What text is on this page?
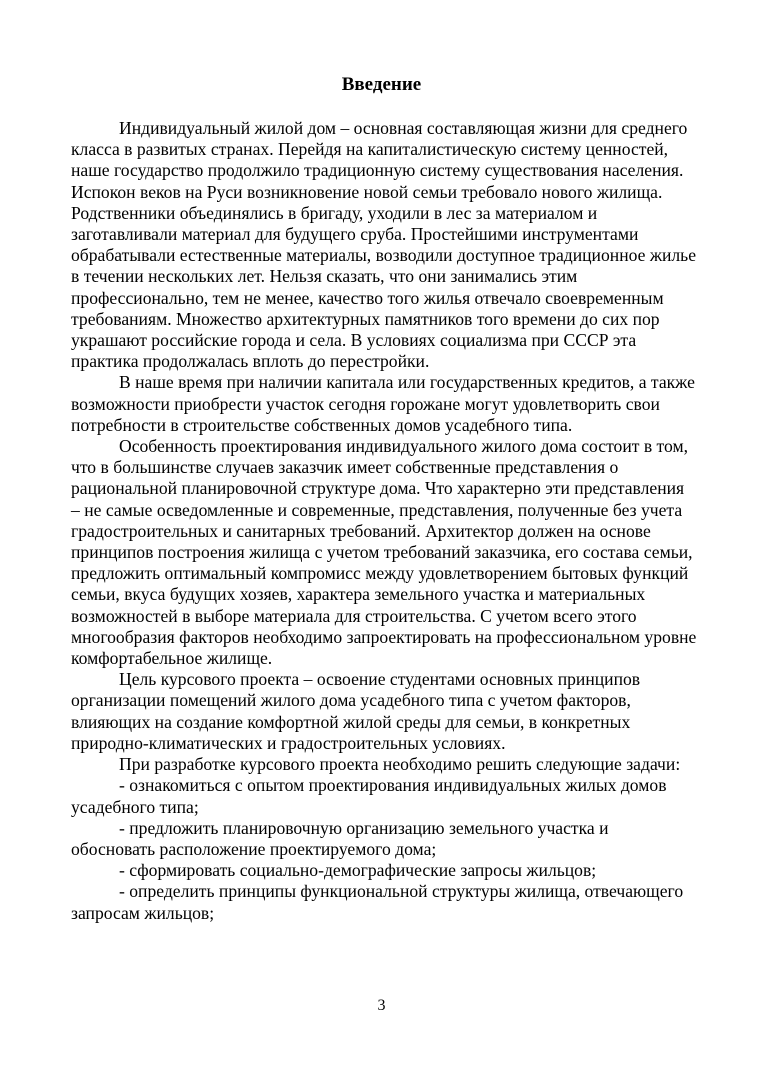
Введение

Индивидуальный жилой дом – основная составляющая жизни для среднего класса в развитых странах. Перейдя на капиталистическую систему ценностей, наше государство продолжило традиционную систему существования населения. Испокон веков на Руси возникновение новой семьи требовало нового жилища. Родственники объединялись в бригаду, уходили в лес за материалом и заготавливали материал для будущего сруба. Простейшими инструментами обрабатывали естественные материалы, возводили доступное традиционное жилье в течении нескольких лет. Нельзя сказать, что они занимались этим профессионально, тем не менее, качество того жилья отвечало своевременным требованиям. Множество архитектурных памятников того времени до сих пор украшают российские города и села. В условиях социализма при СССР эта практика продолжалась вплоть до перестройки.

В наше время при наличии капитала или государственных кредитов, а также возможности приобрести участок сегодня горожане могут удовлетворить свои потребности в строительстве собственных домов усадебного типа.

Особенность проектирования индивидуального жилого дома состоит в том, что в большинстве случаев заказчик имеет собственные представления о рациональной планировочной структуре дома. Что характерно эти представления – не самые осведомленные и современные, представления, полученные без учета градостроительных и санитарных требований. Архитектор должен на основе принципов построения жилища с учетом требований заказчика, его состава семьи, предложить оптимальный компромисс между удовлетворением бытовых функций семьи, вкуса будущих хозяев, характера земельного участка и материальных возможностей в выборе материала для строительства. С учетом всего этого многообразия факторов необходимо запроектировать на профессиональном уровне комфортабельное жилище.

Цель курсового проекта – освоение студентами основных принципов организации помещений жилого дома усадебного типа с учетом факторов, влияющих на создание комфортной жилой среды для семьи, в конкретных природно-климатических и градостроительных условиях.

При разработке курсового проекта необходимо решить следующие задачи:

- ознакомиться с опытом проектирования индивидуальных жилых домов усадебного типа;

- предложить планировочную организацию земельного участка и обосновать расположение проектируемого дома;

- сформировать социально-демографические запросы жильцов;

- определить принципы функциональной структуры жилища, отвечающего запросам жильцов;

3
